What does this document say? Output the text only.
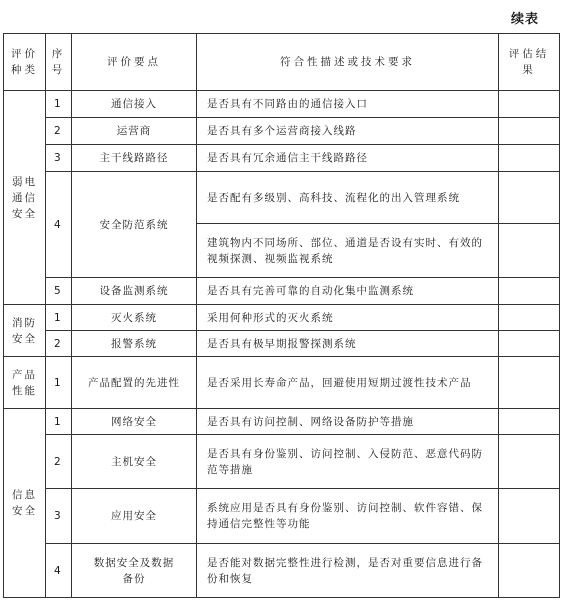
续表
评价种类	序号	评价要点	符合性描述或技术要求	评估结果
弱电通信安全	1	通信接入	是否具有不同路由的通信接入口	
	2	运营商	是否具有多个运营商接入线路	
	3	主干线路路径	是否具有冗余通信主干线路路径	
	4	安全防范系统	是否配有多级别、高科技、流程化的出入管理系统	

			建筑物内不同场所、部位、通道是否设有实时、有效的视频探测、视频监视系统	

	5	设备监测系统	是否具有完善可靠的自动化集中监测系统	
消防安全	1	灭火系统	采用何种形式的灭火系统	
	2	报警系统	是否具有极早期报警探测系统	
产品性能	1	产品配置的先进性	是否采用长寿命产品，回避使用短期过渡性技术产品	

信息安全	1	网络安全	是否具有访问控制、网络设备防护等措施	
	2	主机安全	是否具有身份鉴别、访问控制、入侵防范、恶意代码防范等措施	

	3	应用安全	系统应用是否具有身份鉴别、访问控制、软件容错、保持通信完整性等功能	

	4	数据安全及数据备份	是否能对数据完整性进行检测，是否对重要信息进行备份和恢复	
